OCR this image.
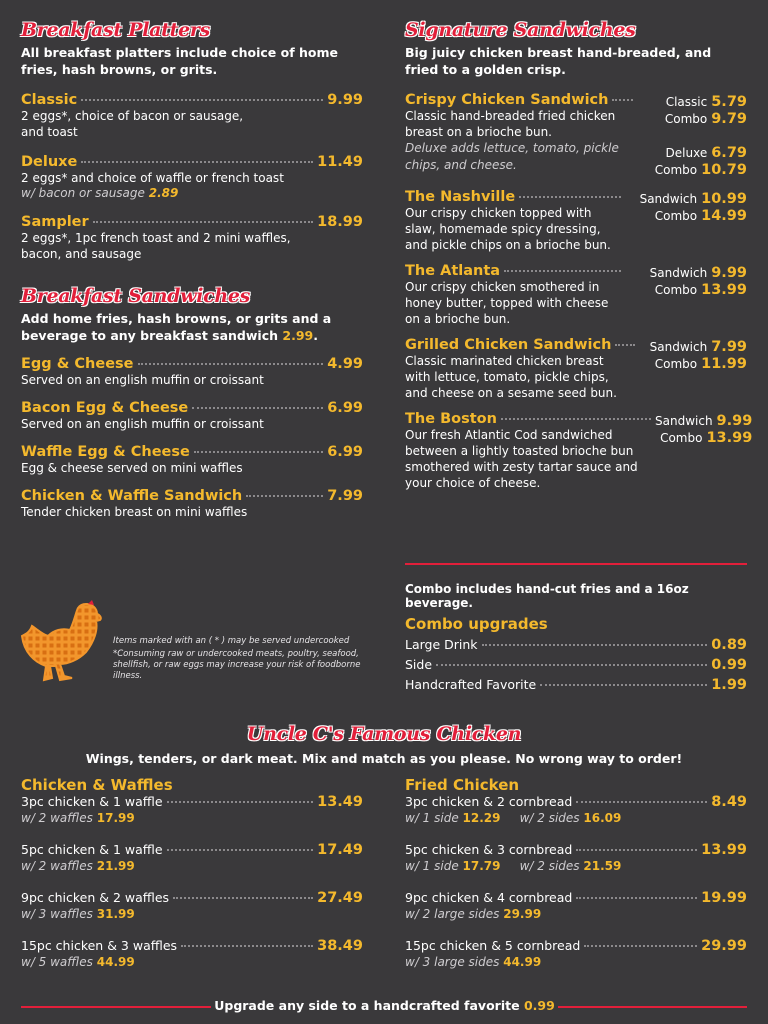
Breakfast Platters
All breakfast platters include choice of home fries, hash browns, or grits.
Classic	9.99
2 eggs*, choice of bacon or sausage, and toast
Deluxe	11.49
2 eggs* and choice of waffle or french toast
w/ bacon or sausage 2.89
Sampler	18.99
2 eggs*, 1pc french toast and 2 mini waffles, bacon, and sausage
Breakfast Sandwiches
Add home fries, hash browns, or grits and a beverage to any breakfast sandwich 2.99.
Egg & Cheese	4.99
Served on an english muffin or croissant
Bacon Egg & Cheese	6.99
Served on an english muffin or croissant
Waffle Egg & Cheese	6.99
Egg & cheese served on mini waffles
Chicken & Waffle Sandwich	7.99
Tender chicken breast on mini waffles
Items marked with an ( * ) may be served undercooked
*Consuming raw or undercooked meats, poultry, seafood, shellfish, or raw eggs may increase your risk of foodborne illness.
Signature Sandwiches
Big juicy chicken breast hand-breaded, and fried to a golden crisp.
Crispy Chicken Sandwich
Classic hand-breaded fried chicken breast on a brioche bun.
Deluxe adds lettuce, tomato, pickle chips, and cheese.
Classic 5.79
Combo 9.79
Deluxe 6.79
Combo 10.79
The Nashville
Our crispy chicken topped with slaw, homemade spicy dressing, and pickle chips on a brioche bun.
Sandwich 10.99
Combo 14.99
The Atlanta
Our crispy chicken smothered in honey butter, topped with cheese on a brioche bun.
Sandwich 9.99
Combo 13.99
Grilled Chicken Sandwich
Classic marinated chicken breast with lettuce, tomato, pickle chips, and cheese on a sesame seed bun.
Sandwich 7.99
Combo 11.99
The Boston
Our fresh Atlantic Cod sandwiched between a lightly toasted brioche bun smothered with zesty tartar sauce and your choice of cheese.
Sandwich 9.99
Combo 13.99
Combo includes hand-cut fries and a 16oz beverage.
Combo upgrades
Large Drink	0.89
Side	0.99
Handcrafted Favorite	1.99
Uncle C's Famous Chicken
Wings, tenders, or dark meat. Mix and match as you please. No wrong way to order!
Chicken & Waffles
3pc chicken & 1 waffle	13.49
w/ 2 waffles 17.99
5pc chicken & 1 waffle	17.49
w/ 2 waffles 21.99
9pc chicken & 2 waffles	27.49
w/ 3 waffles 31.99
15pc chicken & 3 waffles	38.49
w/ 5 waffles 44.99
Fried Chicken
3pc chicken & 2 cornbread	8.49
w/ 1 side 12.29 w/ 2 sides 16.09
5pc chicken & 3 cornbread	13.99
w/ 1 side 17.79 w/ 2 sides 21.59
9pc chicken & 4 cornbread	19.99
w/ 2 large sides 29.99
15pc chicken & 5 cornbread	29.99
w/ 3 large sides 44.99
Upgrade any side to a handcrafted favorite 0.99
